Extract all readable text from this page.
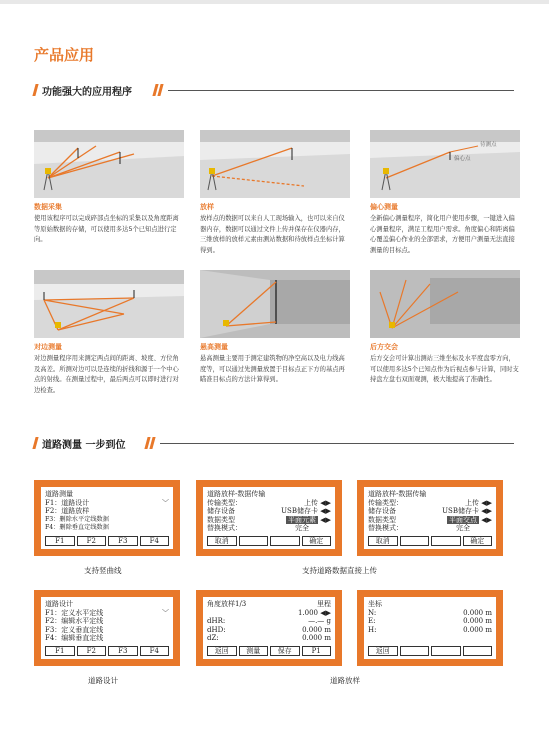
产品应用
功能强大的应用程序
数据采集
使用该程序可以完成碎部点坐标的采集以及角度距离等原始数据的存储，可以使用多达5个已知点进行定向。
放样
放样点的数据可以来自人工现场输入，也可以来自仪器内存，数据可以通过文件上传并保存在仪器内存，三维放样的放样元素由测站数据和待放样点坐标计算得到。
待测点
偏心点
偏心测量
全新偏心测量程序，简化用户使用步骤，一键进入偏心测量程序，满足工程用户需求。角度偏心和距离偏心覆盖偏心作业的全部需求，方便用户测量无法直接测量的目标点。
对边测量
对边测量程序用来测定两点间的距离、坡度、方位角及高差。所测对边可以是连续的折线和源于一个中心点的射线。在测量过程中，最后两点可以即时进行对边检查。
悬高测量
悬高测量主要用于测定建筑物的净空高以及电力线高度等，可以通过先测量放置于目标点正下方的基点再瞄准目标点的方法计算得到。
后方交会
后方交会可计算出测站三维坐标及水平度盘零方向，可以使用多达5个已知点作为后视点参与计算，同时支持盘左盘右双面观测，极大地提高了准确性。
道路测量 一步到位
道路测量
F1：道路设计	﹀
F2：道路放样
F3：删除水平定线数据
F4：删除垂直定线数据
F1	F2	F3	F4
道路放样-数据传输
传输类型：	上传 ◀▶
储存设备	USB储存卡 ◀▶
数据类型	平面元素 ◀▶
替换模式：	完全
取消	确定
道路放样-数据传输
传输类型：	上传 ◀▶
储存设备	USB储存卡 ◀▶
数据类型	平面交点 ◀▶
替换模式：	完全
取消	确定
支持竖曲线	支持道路数据直接上传
道路设计
F1：定义水平定线	﹀
F2：编辑水平定线
F3：定义垂直定线
F4：编辑垂直定线
F1	F2	F3	F4
角度放样1/3	里程
1.000 ◀▶
dHR:	—.— g
dHD:	0.000 m
dZ:	0.000 m
返回	测量	保存	P1
坐标
N:	0.000 m
E:	0.000 m
H:	0.000 m
返回
道路设计	道路放样
